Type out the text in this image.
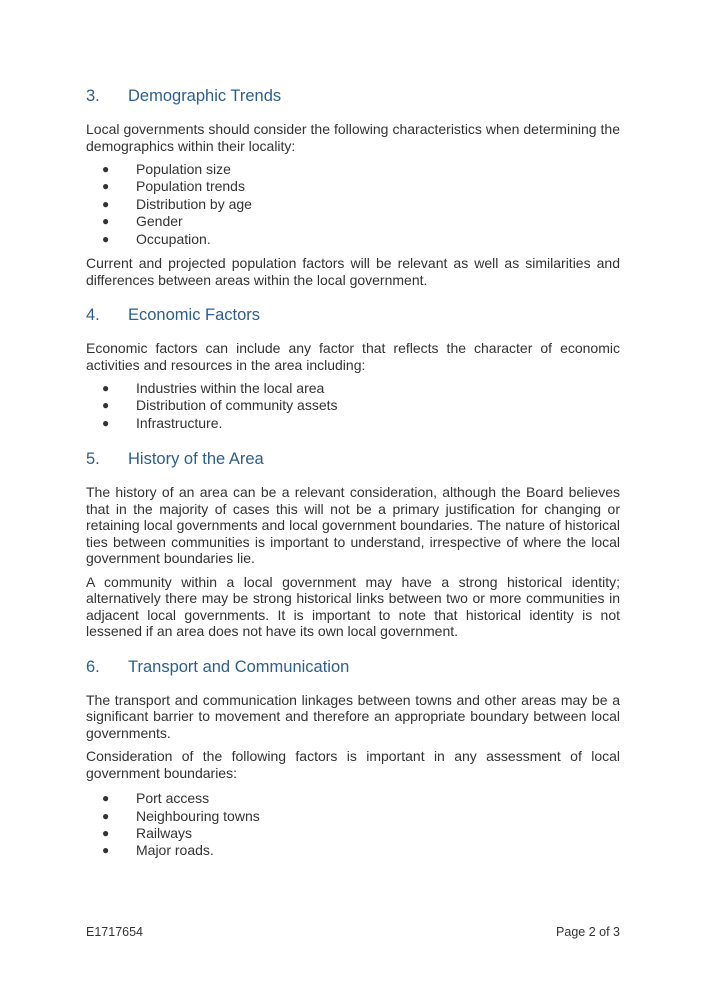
3.	Demographic Trends

Local governments should consider the following characteristics when determining the demographics within their locality:

● Population size
● Population trends
● Distribution by age
● Gender
● Occupation.

Current and projected population factors will be relevant as well as similarities and differences between areas within the local government.

4.	Economic Factors

Economic factors can include any factor that reflects the character of economic activities and resources in the area including:

● Industries within the local area
● Distribution of community assets
● Infrastructure.
5.	History of the Area

The history of an area can be a relevant consideration, although the Board believes that in the majority of cases this will not be a primary justification for changing or retaining local governments and local government boundaries. The nature of historical ties between communities is important to understand, irrespective of where the local government boundaries lie.

A community within a local government may have a strong historical identity; alternatively there may be strong historical links between two or more communities in adjacent local governments. It is important to note that historical identity is not lessened if an area does not have its own local government.

6.	Transport and Communication

The transport and communication linkages between towns and other areas may be a significant barrier to movement and therefore an appropriate boundary between local governments.

Consideration of the following factors is important in any assessment of local government boundaries:

● Port access
● Neighbouring towns
● Railways
● Major roads.
E1717654	Page 2 of 3
